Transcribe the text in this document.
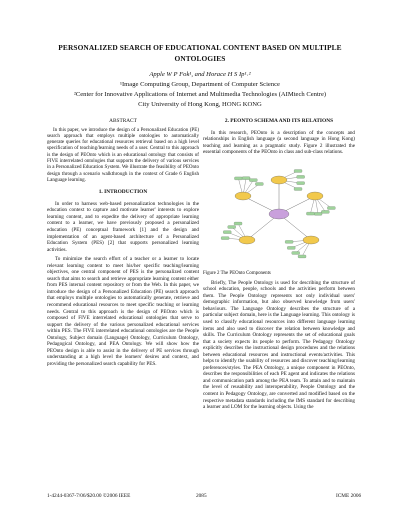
PERSONALIZED SEARCH OF EDUCATIONAL CONTENT BASED ON MULTIPLE
ONTOLOGIES
Apple W P Fok¹, and Horace H S Ip¹˒²
¹Image Computing Group, Department of Computer Science
²Center for Innovative Applications of Internet and Multimedia Technologies (AIMtech Centre)
City University of Hong Kong, HONG KONG
ABSTRACT

In this paper, we introduce the design of a Personalized Education (PE) search approach that employs multiple ontologies to automatically generate queries for educational resources retrieval based on a high level specification of teaching/learning needs of a user. Central to this approach is the design of PEOnto which is an educational ontology that consists of FIVE interrelated ontologies that supports the delivery of various services in a Personalized Education System. We illustrate the feasibility of PEOnto design through a scenario walkthrough in the context of Grade 6 English Language learning.

1. INTRODUCTION

In order to harness web-based personalization technologies in the education context to capture and motivate learner' interests to explore learning content, and to expedite the delivery of appropriate learning content to a learner, we have previously proposed a personalized education (PE) conceptual framework [1] and the design and implementation of an agent-based architecture of a Personalized Education System (PES) [2] that supports personalized learning activities.

To minimize the search effort of a teacher or a learner to locate relevant learning content to meet his/her specific teaching/learning objectives, one central component of PES is the personalized content search that aims to search and retrieve appropriate learning content either from PES internal content repository or from the Web. In this paper, we introduce the design of a Personalized Education (PE) search approach that employs multiple ontologies to automatically generate, retrieve and recommend educational resources to meet specific teaching or learning needs. Central to this approach is the design of PEOnto which is composed of FIVE interrelated educational ontologies that serve to support the delivery of the various personalized educational services within PES. The FIVE interrelated educational ontologies are the People Ontology, Subject domain (Language) Ontology, Curriculum Ontology, Pedagogical Ontology, and PEA Ontology. We will show how the PEOnto design is able to assist in the delivery of PE services through understanding at a high level the learners' desires and context, and providing the personalized search capability for PES.

2. PEONTO SCHEMA AND ITS RELATIONS

In this research, PEOnto is a description of the concepts and relationships in English language (a second language in Hong Kong) teaching and learning as a pragmatic study. Figure 2 illustrated the essential components of the PEOnto in class and sub-class relations.

Figure 2 The PEOnto Components

Briefly, The People Ontology is used for describing the structure of school education, people, schools and the activities perform between them. The People Ontology represents not only individual users' demographic information, but also observed knowledge from users' behaviours. The Language Ontology describes the structure of a particular subject domain, here is the Language learning. This ontology is used to classify educational resources into different language learning items and also used to discover the relation between knowledge and skills. The Curriculum Ontology represents the set of educational goals that a society expects its people to perform. The Pedagogy Ontology explicitly describes the instructional design procedures and the relations between educational resources and instructional events/activities. This helps to identify the usability of resources and discover teaching/learning preferences/styles. The PEA Ontology, a unique component in PEOnto, describes the responsibilities of each PE agent and indicates the relations and communication path among the PEA team. To attain and to maintain the level of reusability and interoperability, People Ontology and the content in Pedagogy Ontology, are converted and modified based on the respective metadata standards including the IMS standard for describing a learner and LOM for the learning objects. Using the

1-4244-0367-7/06/$20.00 ©2006 IEEE	2085	ICME 2006
